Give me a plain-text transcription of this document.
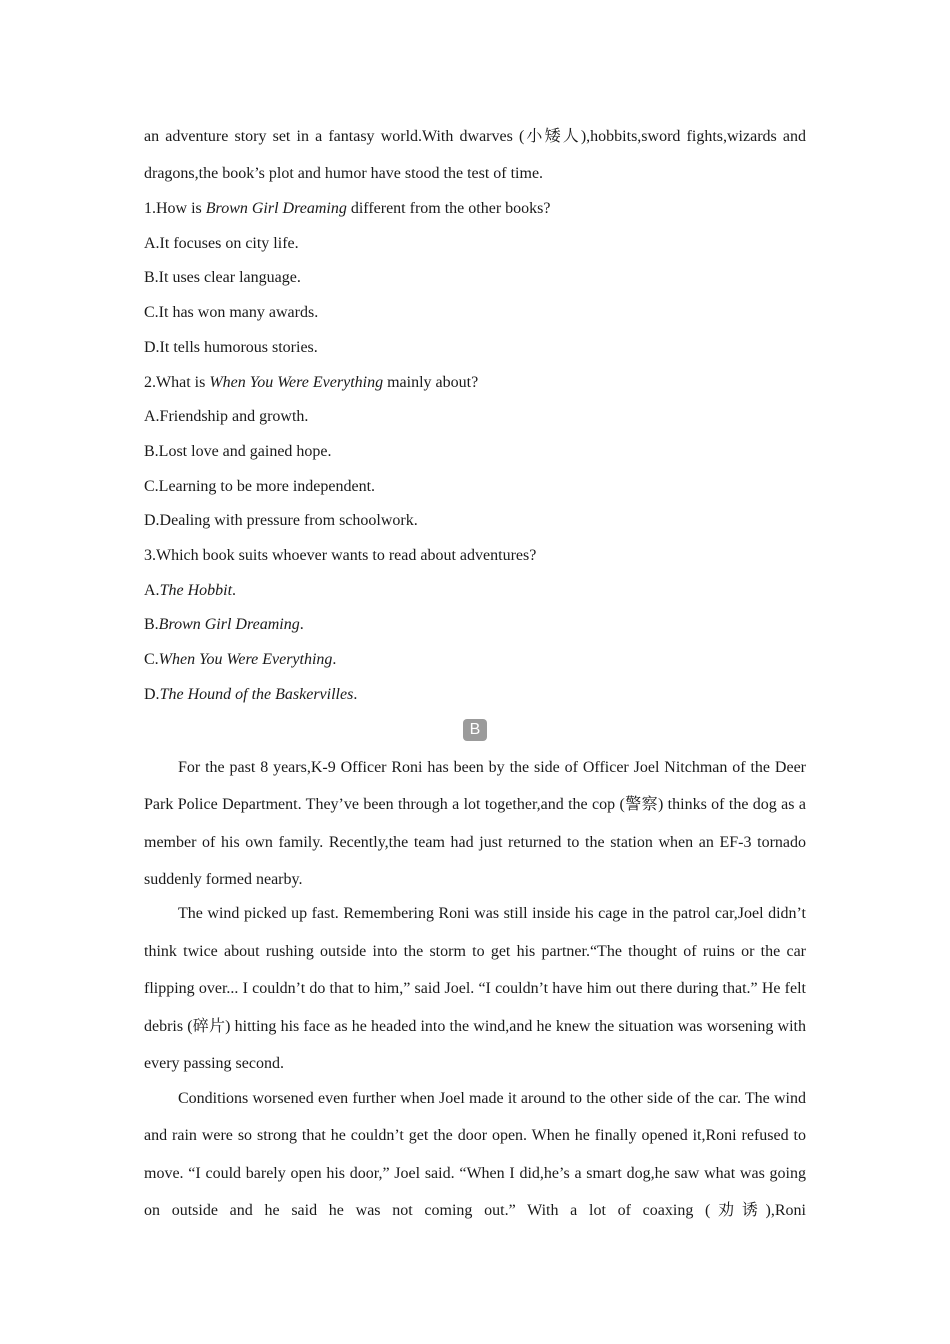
an adventure story set in a fantasy world.With dwarves (小矮人),hobbits,sword fights,wizards and dragons,the book’s plot and humor have stood the test of time.

1.How is Brown Girl Dreaming different from the other books?
A.It focuses on city life.
B.It uses clear language.
C.It has won many awards.
D.It tells humorous stories.
2.What is When You Were Everything mainly about?
A.Friendship and growth.
B.Lost love and gained hope.
C.Learning to be more independent.
D.Dealing with pressure from schoolwork.
3.Which book suits whoever wants to read about adventures?
A.The Hobbit.
B.Brown Girl Dreaming.
C.When You Were Everything.
D.The Hound of the Baskervilles.
B

For the past 8 years,K-9 Officer Roni has been by the side of Officer Joel Nitchman of the Deer Park Police Department. They’ve been through a lot together,and the cop (警察) thinks of the dog as a member of his own family. Recently,the team had just returned to the station when an EF-3 tornado suddenly formed nearby.

The wind picked up fast. Remembering Roni was still inside his cage in the patrol car,Joel didn’t think twice about rushing outside into the storm to get his partner.“The thought of ruins or the car flipping over... I couldn’t do that to him,” said Joel. “I couldn’t have him out there during that.” He felt debris (碎片) hitting his face as he headed into the wind,and he knew the situation was worsening with every passing second.

Conditions worsened even further when Joel made it around to the other side of the car. The wind and rain were so strong that he couldn’t get the door open. When he finally opened it,Roni refused to move. “I could barely open his door,” Joel said. “When I did,he’s a smart dog,he saw what was going on outside and he said he was not coming out.” With a lot of coaxing (劝诱),Roni
